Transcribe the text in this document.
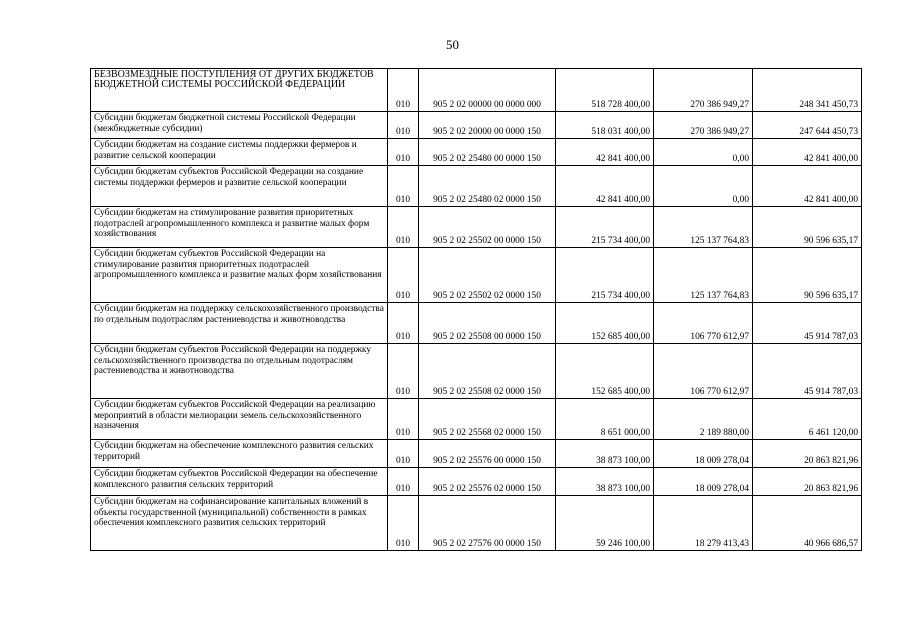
50
БЕЗВОЗМЕЗДНЫЕ ПОСТУПЛЕНИЯ ОТ ДРУГИХ БЮДЖЕТОВ БЮДЖЕТНОЙ СИСТЕМЫ РОССИЙСКОЙ ФЕДЕРАЦИИ	010	905 2 02 00000 00 0000 000	518 728 400,00	270 386 949,27	248 341 450,73
Субсидии бюджетам бюджетной системы Российской Федерации (межбюджетные субсидии)	010	905 2 02 20000 00 0000 150	518 031 400,00	270 386 949,27	247 644 450,73
Субсидии бюджетам на создание системы поддержки фермеров и развитие сельской кооперации	010	905 2 02 25480 00 0000 150	42 841 400,00	0,00	42 841 400,00
Субсидии бюджетам субъектов Российской Федерации на создание системы поддержки фермеров и развитие сельской кооперации	010	905 2 02 25480 02 0000 150	42 841 400,00	0,00	42 841 400,00
Субсидии бюджетам на стимулирование развития приоритетных подотраслей агропромышленного комплекса и развитие малых форм хозяйствования	010	905 2 02 25502 00 0000 150	215 734 400,00	125 137 764,83	90 596 635,17
Субсидии бюджетам субъектов Российской Федерации на стимулирование развития приоритетных подотраслей агропромышленного комплекса и развитие малых форм хозяйствования	010	905 2 02 25502 02 0000 150	215 734 400,00	125 137 764,83	90 596 635,17
Субсидии бюджетам на поддержку сельскохозяйственного производства по отдельным подотраслям растениеводства и животноводства	010	905 2 02 25508 00 0000 150	152 685 400,00	106 770 612,97	45 914 787,03
Субсидии бюджетам субъектов Российской Федерации на поддержку сельскохозяйственного производства по отдельным подотраслям растениеводства и животноводства	010	905 2 02 25508 02 0000 150	152 685 400,00	106 770 612,97	45 914 787,03
Субсидии бюджетам субъектов Российской Федерации на реализацию мероприятий в области мелиорации земель сельскохозяйственного назначения	010	905 2 02 25568 02 0000 150	8 651 000,00	2 189 880,00	6 461 120,00
Субсидии бюджетам на обеспечение комплексного развития сельских территорий	010	905 2 02 25576 00 0000 150	38 873 100,00	18 009 278,04	20 863 821,96
Субсидии бюджетам субъектов Российской Федерации на обеспечение комплексного развития сельских территорий	010	905 2 02 25576 02 0000 150	38 873 100,00	18 009 278,04	20 863 821,96
Субсидии бюджетам на софинансирование капитальных вложений в объекты государственной (муниципальной) собственности в рамках обеспечения комплексного развития сельских территорий	010	905 2 02 27576 00 0000 150	59 246 100,00	18 279 413,43	40 966 686,57
